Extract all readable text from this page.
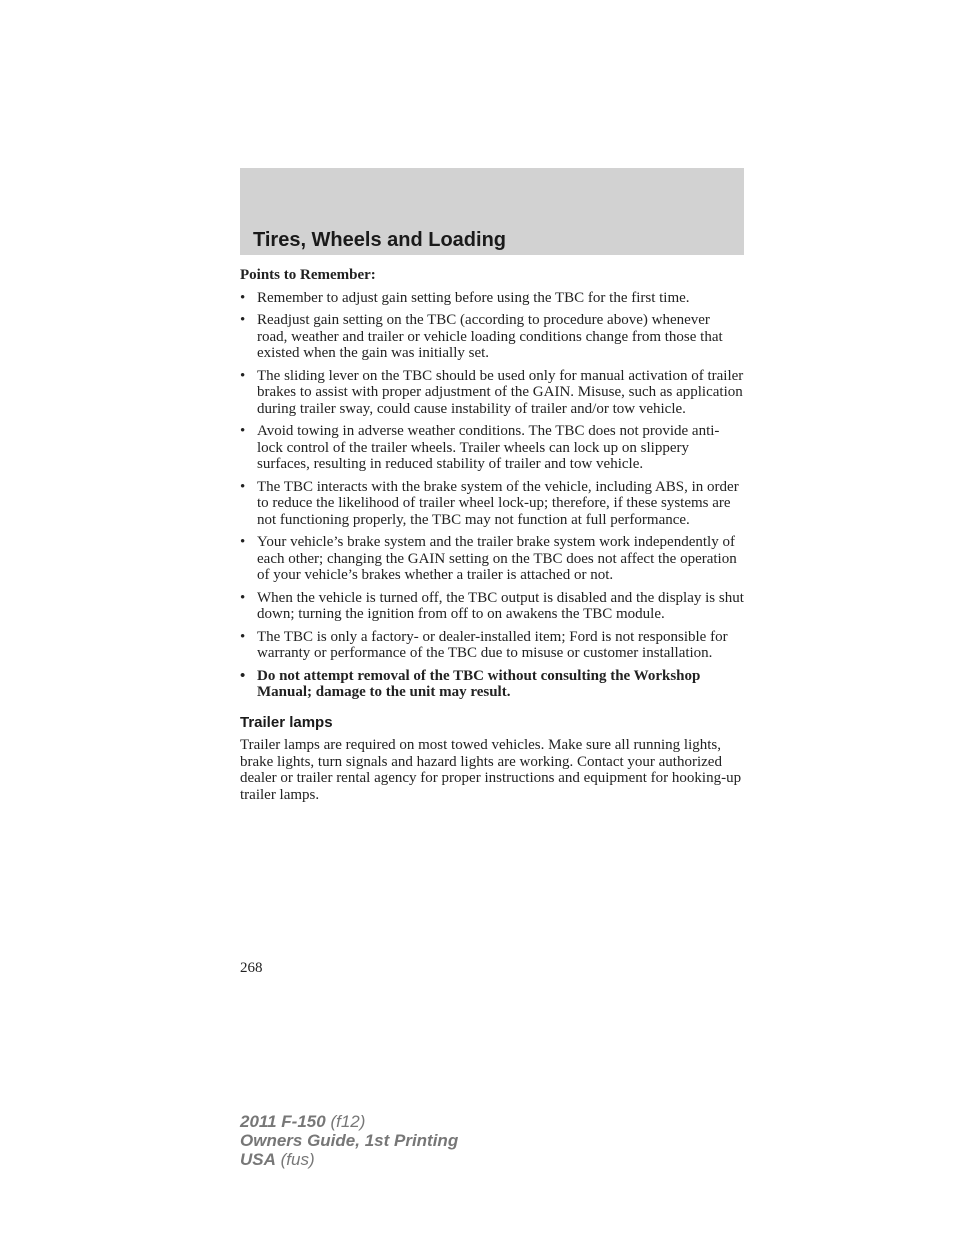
Tires, Wheels and Loading

Points to Remember:

• Remember to adjust gain setting before using the TBC for the first time.
• Readjust gain setting on the TBC (according to procedure above) whenever road, weather and trailer or vehicle loading conditions change from those that existed when the gain was initially set.
• The sliding lever on the TBC should be used only for manual activation of trailer brakes to assist with proper adjustment of the GAIN. Misuse, such as application during trailer sway, could cause instability of trailer and/or tow vehicle.
• Avoid towing in adverse weather conditions. The TBC does not provide anti-lock control of the trailer wheels. Trailer wheels can lock up on slippery surfaces, resulting in reduced stability of trailer and tow vehicle.
• The TBC interacts with the brake system of the vehicle, including ABS, in order to reduce the likelihood of trailer wheel lock-up; therefore, if these systems are not functioning properly, the TBC may not function at full performance.
• Your vehicle’s brake system and the trailer brake system work independently of each other; changing the GAIN setting on the TBC does not affect the operation of your vehicle’s brakes whether a trailer is attached or not.
• When the vehicle is turned off, the TBC output is disabled and the display is shut down; turning the ignition from off to on awakens the TBC module.
• The TBC is only a factory- or dealer-installed item; Ford is not responsible for warranty or performance of the TBC due to misuse or customer installation.
• Do not attempt removal of the TBC without consulting the Workshop Manual; damage to the unit may result.
Trailer lamps

Trailer lamps are required on most towed vehicles. Make sure all running lights, brake lights, turn signals and hazard lights are working. Contact your authorized dealer or trailer rental agency for proper instructions and equipment for hooking-up trailer lamps.

268
2011 F-150 (f12)
Owners Guide, 1st Printing
USA (fus)
